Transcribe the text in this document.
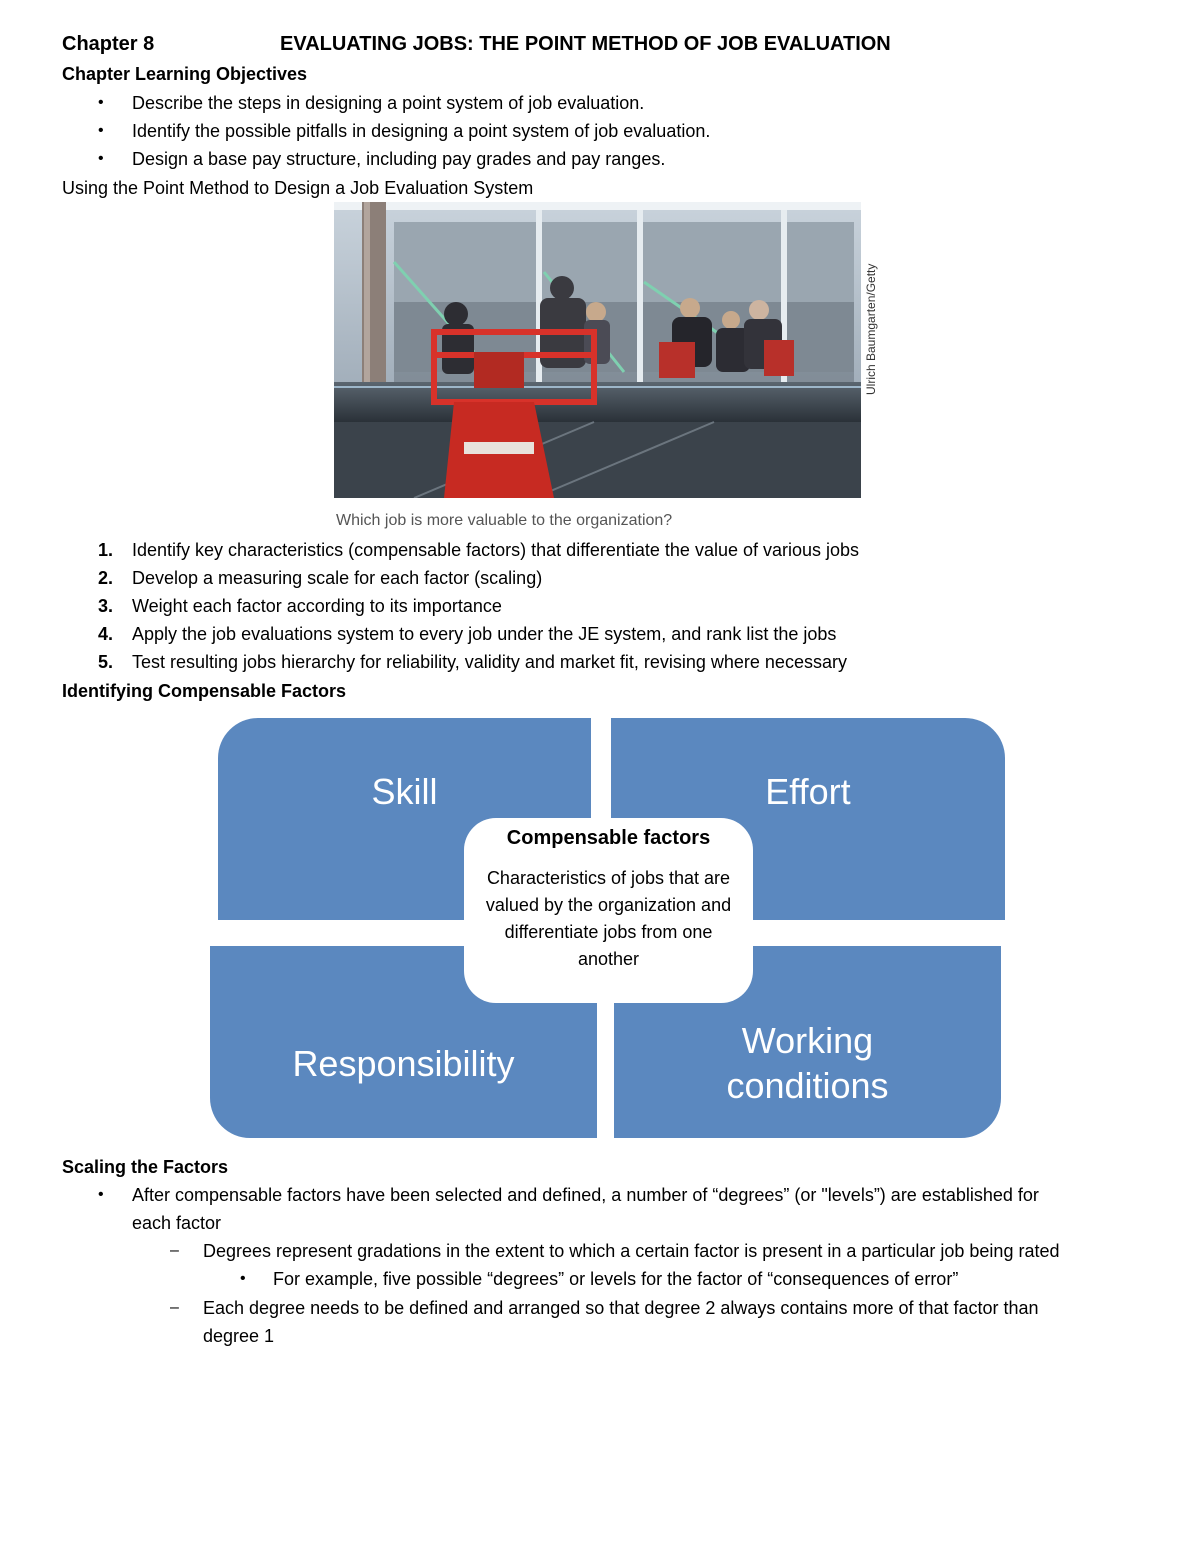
Chapter 8	EVALUATING JOBS: THE POINT METHOD OF JOB EVALUATION
Chapter Learning Objectives
• Describe the steps in designing a point system of job evaluation.
• Identify the possible pitfalls in designing a point system of job evaluation.
• Design a base pay structure, including pay grades and pay ranges.
Using the Point Method to Design a Job Evaluation System
Ulrich Baumgarten/Getty
Which job is more valuable to the organization?
1. Identify key characteristics (compensable factors) that differentiate the value of various jobs
2. Develop a measuring scale for each factor (scaling)
3. Weight each factor according to its importance
4. Apply the job evaluations system to every job under the JE system, and rank list the jobs
5. Test resulting jobs hierarchy for reliability, validity and market fit, revising where necessary
Identifying Compensable Factors
Skill	Effort
Responsibility
Working
conditions
Compensable factors
Characteristics of jobs that are valued by the organization and differentiate jobs from one another
Scaling the Factors
• After compensable factors have been selected and defined, a number of “degrees” (or "levels”) are established for
each factor
– Degrees represent gradations in the extent to which a certain factor is present in a particular job being rated
• For example, five possible “degrees” or levels for the factor of “consequences of error”
– Each degree needs to be defined and arranged so that degree 2 always contains more of that factor than
degree 1
